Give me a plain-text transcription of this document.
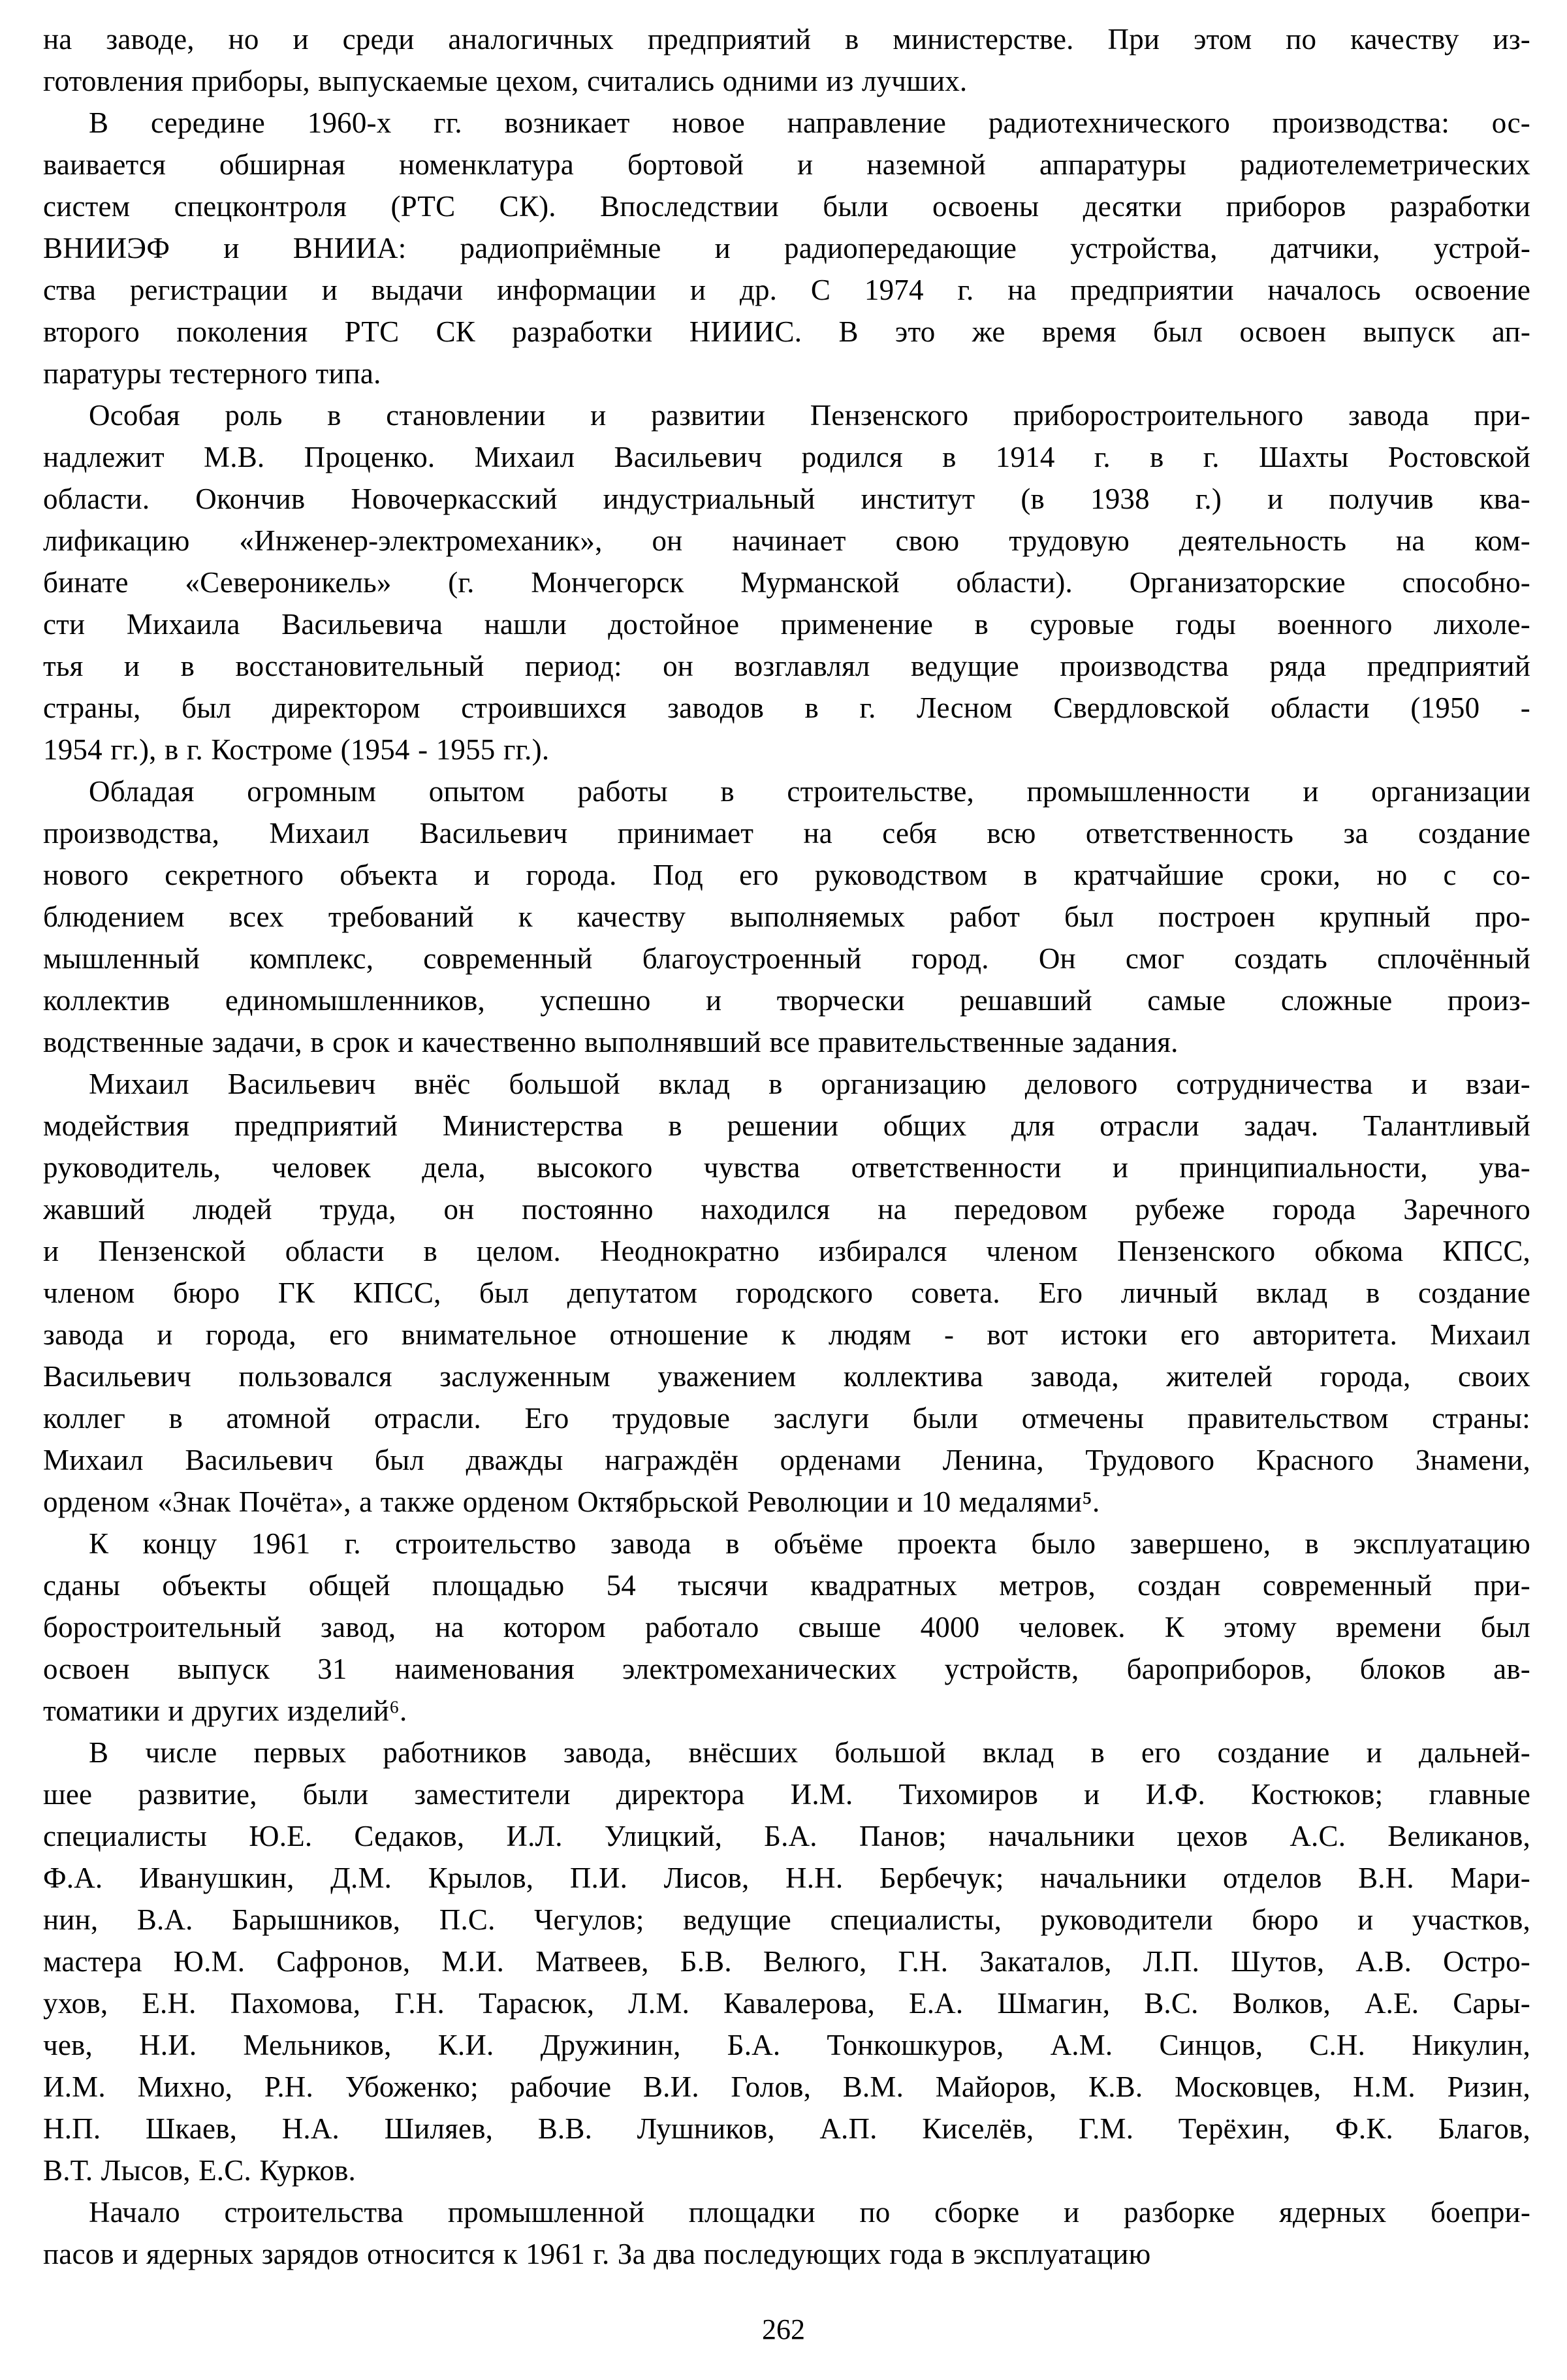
на заводе, но и среди аналогичных предприятий в министерстве. При этом по качеству из-
готовления приборы, выпускаемые цехом, считались одними из лучших.
В середине 1960-х гг. возникает новое направление радиотехнического производства: ос-
ваивается обширная номенклатура бортовой и наземной аппаратуры радиотелеметрических
систем спецконтроля (РТС СК). Впоследствии были освоены десятки приборов разработки
ВНИИЭФ и ВНИИА: радиоприёмные и радиопередающие устройства, датчики, устрой-
ства регистрации и выдачи информации и др. С 1974 г. на предприятии началось освоение
второго поколения РТС СК разработки НИИИС. В это же время был освоен выпуск ап-
паратуры тестерного типа.
Особая роль в становлении и развитии Пензенского приборостроительного завода при-
надлежит М.В. Проценко. Михаил Васильевич родился в 1914 г. в г. Шахты Ростовской
области. Окончив Новочеркасский индустриальный институт (в 1938 г.) и получив ква-
лификацию «Инженер-электромеханик», он начинает свою трудовую деятельность на ком-
бинате «Североникель» (г. Мончегорск Мурманской области). Организаторские способно-
сти Михаила Васильевича нашли достойное применение в суровые годы военного лихоле-
тья и в восстановительный период: он возглавлял ведущие производства ряда предприятий
страны, был директором строившихся заводов в г. Лесном Свердловской области (1950 -
1954 гг.), в г. Костроме (1954 - 1955 гг.).
Обладая огромным опытом работы в строительстве, промышленности и организации
производства, Михаил Васильевич принимает на себя всю ответственность за создание
нового секретного объекта и города. Под его руководством в кратчайшие сроки, но с со-
блюдением всех требований к качеству выполняемых работ был построен крупный про-
мышленный комплекс, современный благоустроенный город. Он смог создать сплочённый
коллектив единомышленников, успешно и творчески решавший самые сложные произ-
водственные задачи, в срок и качественно выполнявший все правительственные задания.
Михаил Васильевич внёс большой вклад в организацию делового сотрудничества и взаи-
модействия предприятий Министерства в решении общих для отрасли задач. Талантливый
руководитель, человек дела, высокого чувства ответственности и принципиальности, ува-
жавший людей труда, он постоянно находился на передовом рубеже города Заречного
и Пензенской области в целом. Неоднократно избирался членом Пензенского обкома КПСС,
членом бюро ГК КПСС, был депутатом городского совета. Его личный вклад в создание
завода и города, его внимательное отношение к людям - вот истоки его авторитета. Михаил
Васильевич пользовался заслуженным уважением коллектива завода, жителей города, своих
коллег в атомной отрасли. Его трудовые заслуги были отмечены правительством страны:
Михаил Васильевич был дважды награждён орденами Ленина, Трудового Красного Знамени,
орденом «Знак Почёта», а также орденом Октябрьской Революции и 10 медалями⁵.
К концу 1961 г. строительство завода в объёме проекта было завершено, в эксплуатацию
сданы объекты общей площадью 54 тысячи квадратных метров, создан современный при-
боростроительный завод, на котором работало свыше 4000 человек. К этому времени был
освоен выпуск 31 наименования электромеханических устройств, бароприборов, блоков ав-
томатики и других изделий⁶.
В числе первых работников завода, внёсших большой вклад в его создание и дальней-
шее развитие, были заместители директора И.М. Тихомиров и И.Ф. Костюков; главные
специалисты Ю.Е. Седаков, И.Л. Улицкий, Б.А. Панов; начальники цехов А.С. Великанов,
Ф.А. Иванушкин, Д.М. Крылов, П.И. Лисов, Н.Н. Бербечук; начальники отделов В.Н. Мари-
нин, В.А. Барышников, П.С. Чегулов; ведущие специалисты, руководители бюро и участков,
мастера Ю.М. Сафронов, М.И. Матвеев, Б.В. Велюго, Г.Н. Закаталов, Л.П. Шутов, А.В. Остро-
ухов, Е.Н. Пахомова, Г.Н. Тарасюк, Л.М. Кавалерова, Е.А. Шмагин, В.С. Волков, А.Е. Сары-
чев, Н.И. Мельников, К.И. Дружинин, Б.А. Тонкошкуров, А.М. Синцов, С.Н. Никулин,
И.М. Михно, Р.Н. Убоженко; рабочие В.И. Голов, В.М. Майоров, К.В. Московцев, Н.М. Ризин,
Н.П. Шкаев, Н.А. Шиляев, В.В. Лушников, А.П. Киселёв, Г.М. Терёхин, Ф.К. Благов,
В.Т. Лысов, Е.С. Курков.
Начало строительства промышленной площадки по сборке и разборке ядерных боепри-
пасов и ядерных зарядов относится к 1961 г. За два последующих года в эксплуатацию
262
